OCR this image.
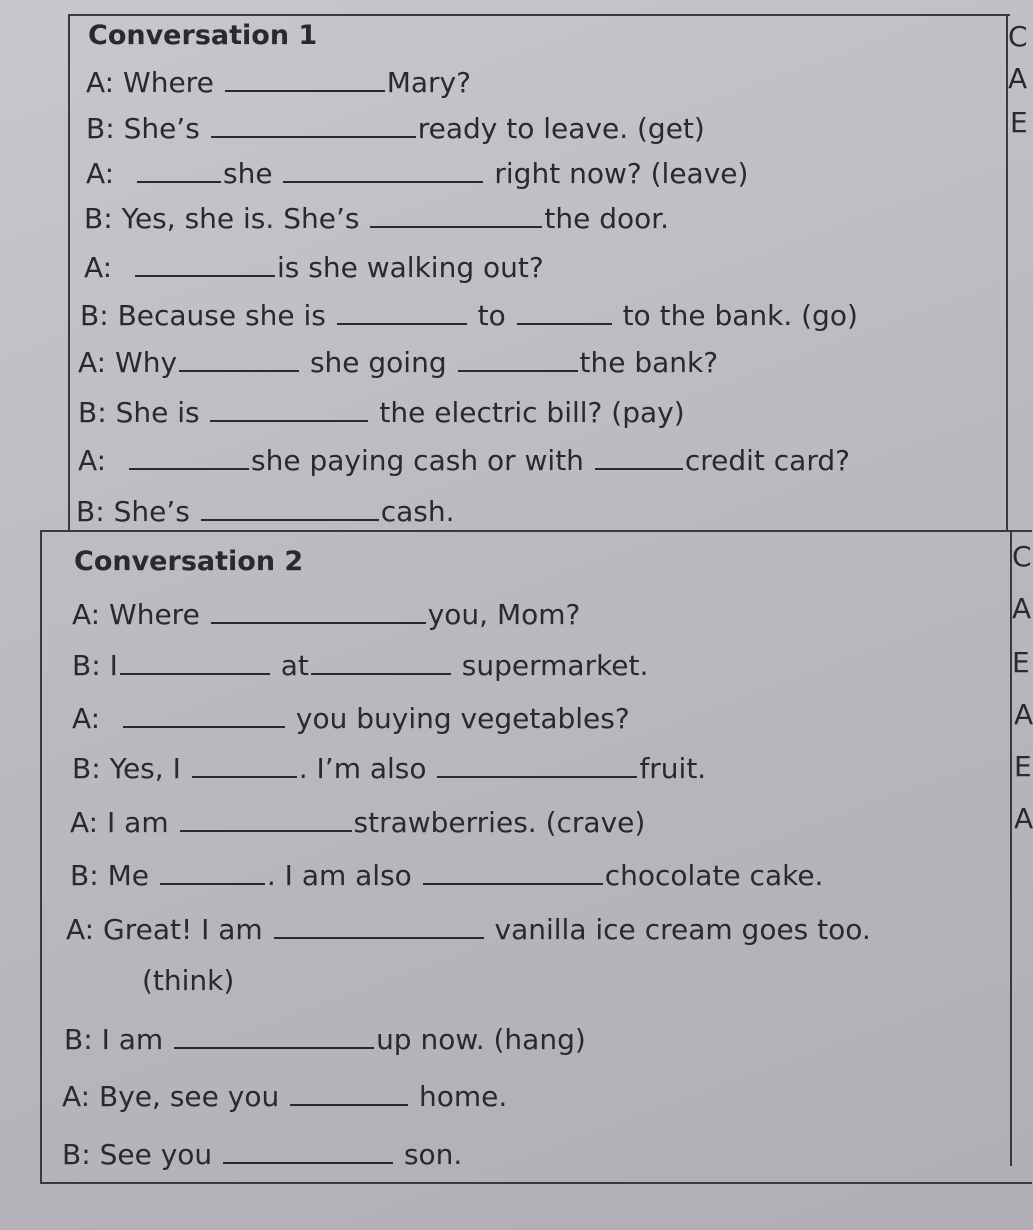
Conversation 1
A: Where	Mary?
B: She’s	ready to leave. (get)
A:	she	right now? (leave)
B: Yes, she is. She’s	the door.
A:	is she walking out?
B: Because she is	to	to the bank. (go)
A: Why	she going	the bank?
B: She is	the electric bill? (pay)
A:	she paying cash or with	credit card?
B: She’s	cash.
C
A
E
Conversation 2
A: Where	you, Mom?
B: I	at	supermarket.
A:	you buying vegetables?
B: Yes, I	. I’m also	fruit.
A: I am	strawberries. (crave)
B: Me	. I am also	chocolate cake.
A: Great! I am	vanilla ice cream goes too.
(think)
B: I am	up now. (hang)
A: Bye, see you	home.
B: See you	son.
C
A
E
A
E
A
